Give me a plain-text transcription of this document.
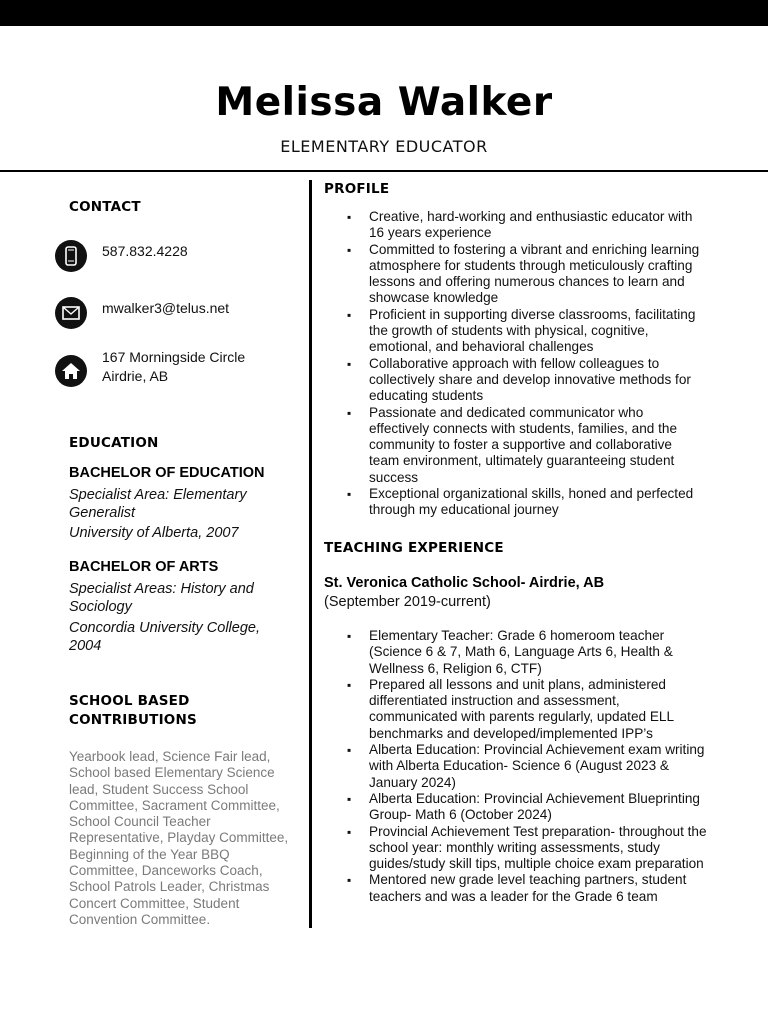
Melissa Walker
ELEMENTARY EDUCATOR
CONTACT
587.832.4228
mwalker3@telus.net
167 Morningside Circle
Airdrie, AB
EDUCATION
BACHELOR OF EDUCATION
Specialist Area: Elementary Generalist
University of Alberta, 2007
BACHELOR OF ARTS
Specialist Areas: History and Sociology
Concordia University College, 2004
SCHOOL BASED
CONTRIBUTIONS
Yearbook lead, Science Fair lead, School based Elementary Science lead, Student Success School Committee, Sacrament Committee, School Council Teacher Representative, Playday Committee, Beginning of the Year BBQ Committee, Danceworks Coach, School Patrols Leader, Christmas Concert Committee, Student Convention Committee.
PROFILE
▪ Creative, hard-working and enthusiastic educator with 16 years experience
▪ Committed to fostering a vibrant and enriching learning atmosphere for students through meticulously crafting lessons and offering numerous chances to learn and showcase knowledge
▪ Proficient in supporting diverse classrooms, facilitating the growth of students with physical, cognitive, emotional, and behavioral challenges
▪ Collaborative approach with fellow colleagues to collectively share and develop innovative methods for educating students
▪ Passionate and dedicated communicator who effectively connects with students, families, and the community to foster a supportive and collaborative team environment, ultimately guaranteeing student success
▪ Exceptional organizational skills, honed and perfected through my educational journey
TEACHING EXPERIENCE
St. Veronica Catholic School- Airdrie, AB
(September 2019-current)
▪ Elementary Teacher: Grade 6 homeroom teacher (Science 6 & 7, Math 6, Language Arts 6, Health & Wellness 6, Religion 6, CTF)
▪ Prepared all lessons and unit plans, administered differentiated instruction and assessment, communicated with parents regularly, updated ELL benchmarks and developed/implemented IPP’s
▪ Alberta Education: Provincial Achievement exam writing with Alberta Education- Science 6 (August 2023 & January 2024)
▪ Alberta Education: Provincial Achievement Blueprinting Group- Math 6 (October 2024)
▪ Provincial Achievement Test preparation- throughout the school year: monthly writing assessments, study guides/study skill tips, multiple choice exam preparation
▪ Mentored new grade level teaching partners, student teachers and was a leader for the Grade 6 team
